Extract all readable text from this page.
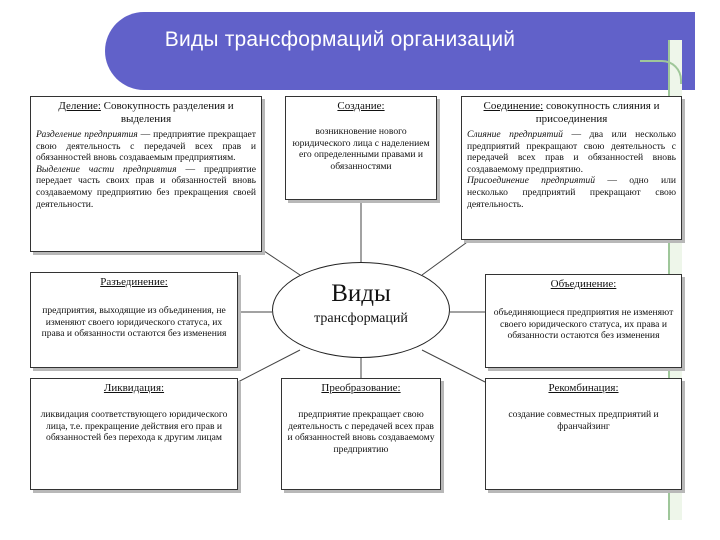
Виды трансформаций организаций
Деление: Совокупность разделения и выделения
Разделение предприятия — предприятие прекращает свою деятельность с передачей всех прав и обязанностей вновь создаваемым предприятиям.
Выделение части предприятия — предприятие передает часть своих прав и обязанностей вновь создаваемому предприятию без прекращения своей деятельности.
Создание:
возникновение нового юридического лица с наделением его определенными правами и обязанностями
Соединение: совокупность слияния и присоединения
Слияние предприятий — два или несколько предприятий прекращают свою деятельность с передачей всех прав и обязанностей вновь создаваемому предприятию.
Присоединение предприятий — одно или несколько предприятий прекращают свою деятельность.
Разъединение:
предприятия, выходящие из объединения, не изменяют своего юридического статуса, их права и обязанности остаются без изменения
Виды
трансформаций
Объединение:
объединяющиеся предприятия не изменяют своего юридического статуса, их права и обязанности остаются без изменения
Ликвидация:
ликвидация соответствующего юридического лица, т.е. прекращение действия его прав и обязанностей без перехода к другим лицам
Преобразование:
предприятие прекращает свою деятельность с передачей всех прав и обязанностей вновь создаваемому предприятию
Рекомбинация:
создание совместных предприятий и франчайзинг
